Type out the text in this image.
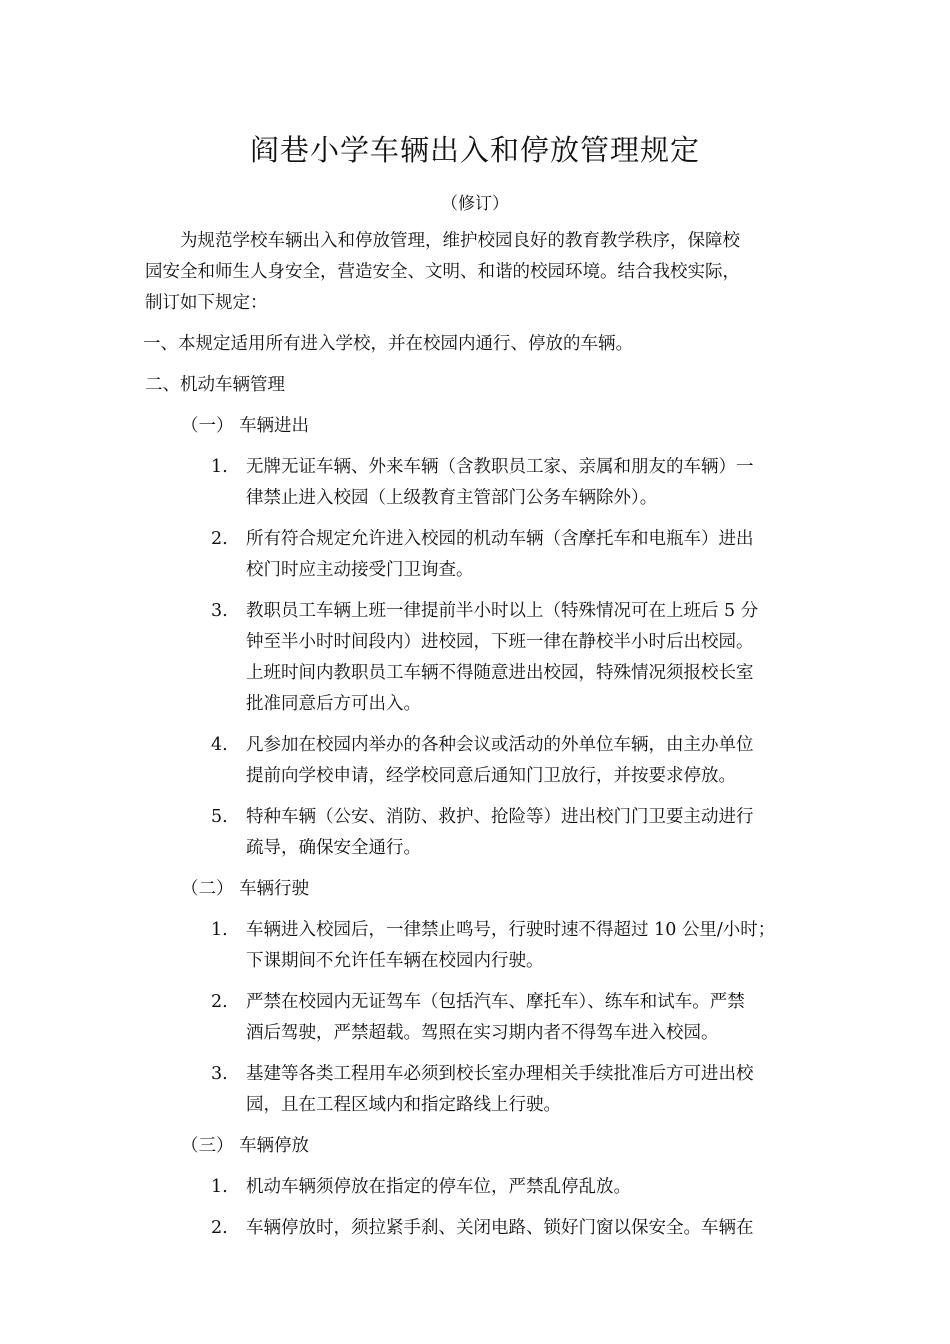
阎巷小学车辆出入和停放管理规定
（修订）
为规范学校车辆出入和停放管理，维护校园良好的教育教学秩序，保障校
园安全和师生人身安全，营造安全、文明、和谐的校园环境。结合我校实际，
制订如下规定：
一、本规定适用所有进入学校，并在校园内通行、停放的车辆。
二、机动车辆管理
（一） 车辆进出
1. 无牌无证车辆、外来车辆（含教职员工家、亲属和朋友的车辆）一
律禁止进入校园（上级教育主管部门公务车辆除外）。
2. 所有符合规定允许进入校园的机动车辆（含摩托车和电瓶车）进出
校门时应主动接受门卫询查。
3. 教职员工车辆上班一律提前半小时以上（特殊情况可在上班后 5 分
钟至半小时时间段内）进校园，下班一律在静校半小时后出校园。
上班时间内教职员工车辆不得随意进出校园，特殊情况须报校长室
批准同意后方可出入。
4. 凡参加在校园内举办的各种会议或活动的外单位车辆，由主办单位
提前向学校申请，经学校同意后通知门卫放行，并按要求停放。
5. 特种车辆（公安、消防、救护、抢险等）进出校门门卫要主动进行
疏导，确保安全通行。
（二） 车辆行驶
1. 车辆进入校园后，一律禁止鸣号，行驶时速不得超过 10 公里/小时；
下课期间不允许任车辆在校园内行驶。
2. 严禁在校园内无证驾车（包括汽车、摩托车）、练车和试车。严禁
酒后驾驶，严禁超载。驾照在实习期内者不得驾车进入校园。
3. 基建等各类工程用车必须到校长室办理相关手续批准后方可进出校
园，且在工程区域内和指定路线上行驶。
（三） 车辆停放
1. 机动车辆须停放在指定的停车位，严禁乱停乱放。
2. 车辆停放时，须拉紧手刹、关闭电路、锁好门窗以保安全。车辆在
